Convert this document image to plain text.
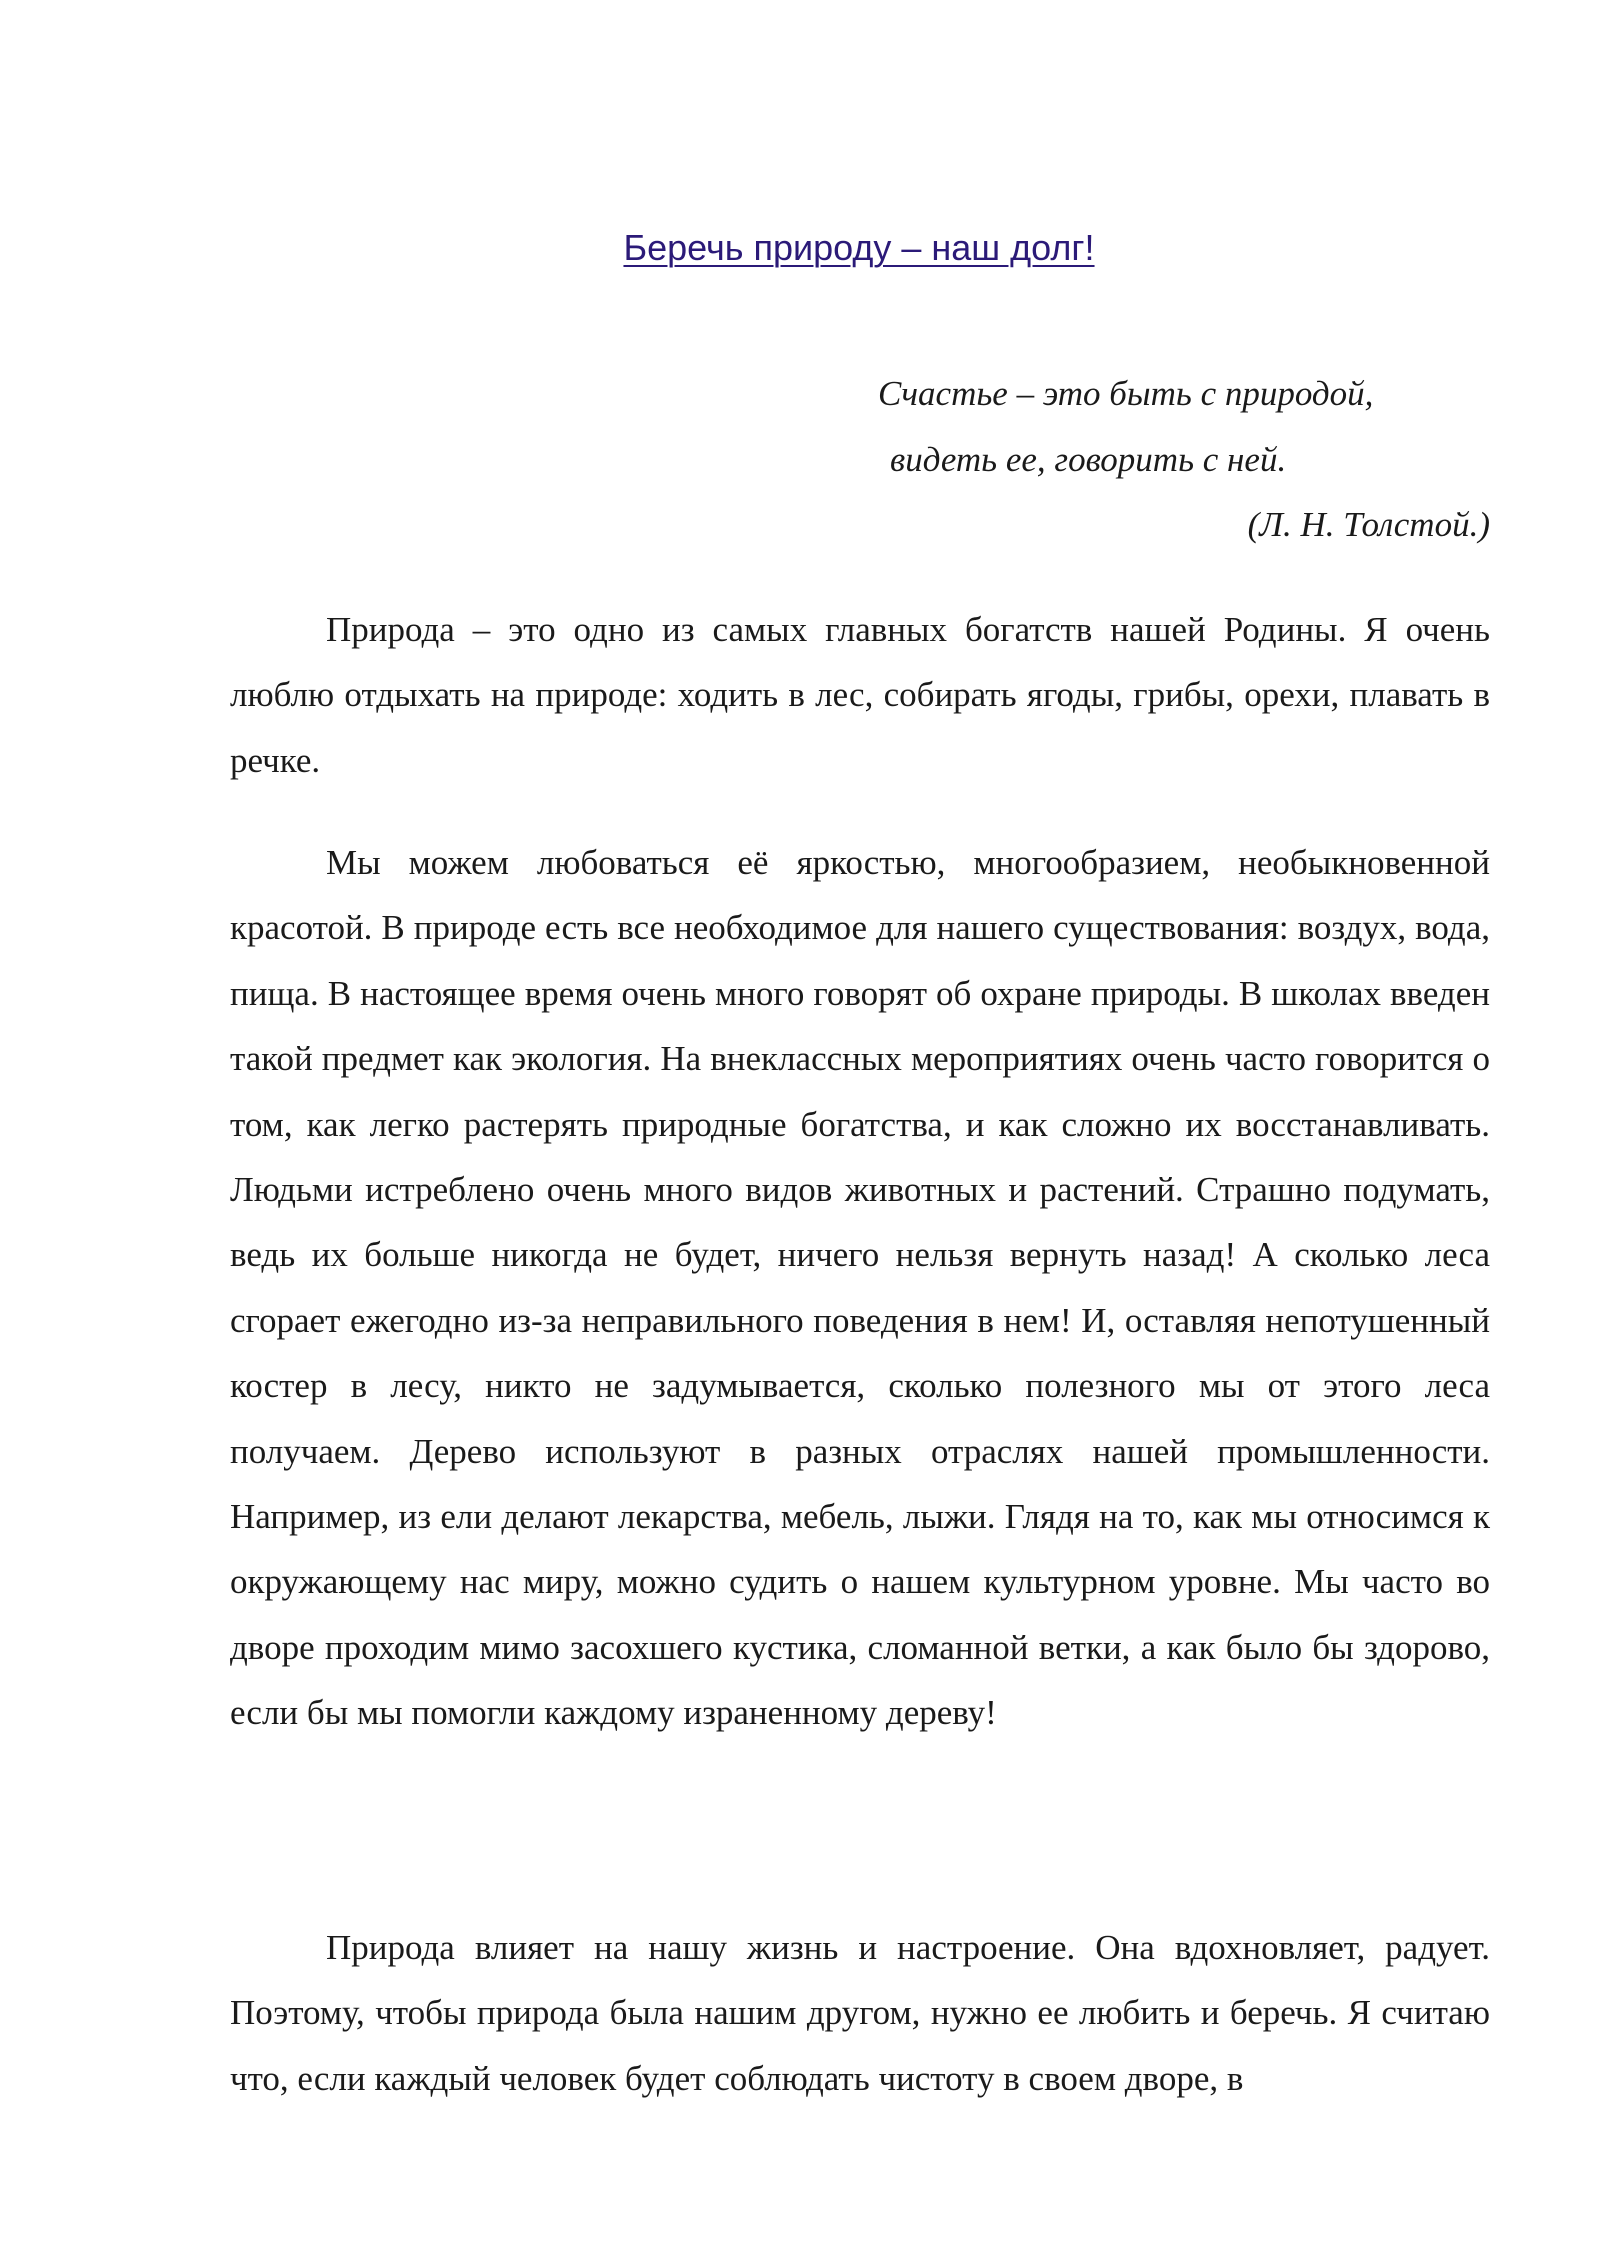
Беречь природу – наш долг!
Счастье – это быть с природой,
видеть ее, говорить с ней.
(Л. Н. Толстой.)

Природа – это одно из самых главных богатств нашей Родины. Я очень люблю отдыхать на природе: ходить в лес, собирать ягоды, грибы, орехи, плавать в речке.

Мы можем любоваться её яркостью, многообразием, необыкновенной красотой. В природе есть все необходимое для нашего существования: воздух, вода, пища. В настоящее время очень много говорят об охране природы. В школах введен такой предмет как экология. На внеклассных мероприятиях очень часто говорится о том, как легко растерять природные богатства, и как сложно их восстанавливать. Людьми истреблено очень много видов животных и растений. Страшно подумать, ведь их больше никогда не будет, ничего нельзя вернуть назад! А сколько леса сгорает ежегодно из-за неправильного поведения в нем! И, оставляя непотушенный костер в лесу, никто не задумывается, сколько полезного мы от этого леса получаем. Дерево используют в разных отраслях нашей промышленности. Например, из ели делают лекарства, мебель, лыжи. Глядя на то, как мы относимся к окружающему нас миру, можно судить о нашем культурном уровне. Мы часто во дворе проходим мимо засохшего кустика, сломанной ветки, а как было бы здорово, если бы мы помогли каждому израненному дереву!

Природа влияет на нашу жизнь и настроение. Она вдохновляет, радует. Поэтому, чтобы природа была нашим другом, нужно ее любить и беречь. Я считаю что, если каждый человек будет соблюдать чистоту в своем дворе, в
